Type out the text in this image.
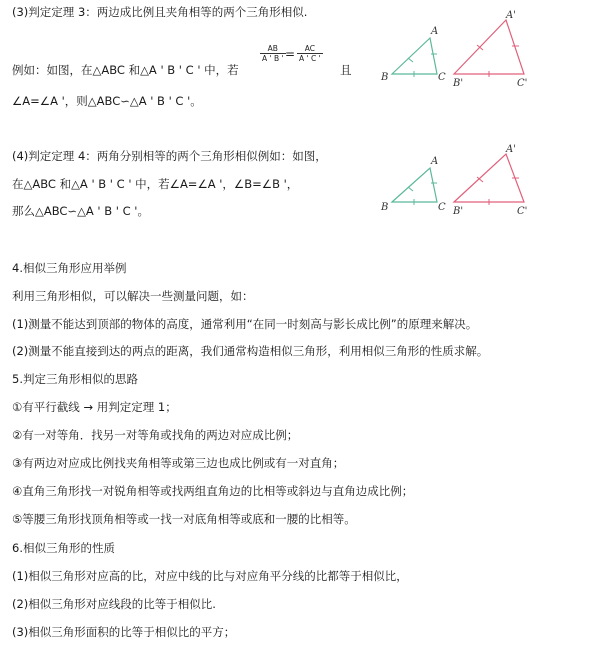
(3)判定定理 3：两边成比例且夹角相等的两个三角形相似.
例如：如图，在△ABC 和△A ' B ' C ' 中，若
$\frac{AB}{A ' B '} = \frac{AC}{A ' C '}$
且
∠A=∠A '，则△ABC∽△A ' B ' C '。
B
A
C
B'
A'
C'
(4)判定定理 4：两角分别相等的两个三角形相似例如：如图，
在△ABC 和△A ' B ' C ' 中，若∠A=∠A '，∠B=∠B '，
那么△ABC∽△A ' B ' C '。	B
A
C B'
A'
C'
4.相似三角形应用举例
利用三角形相似，可以解决一些测量问题，如：
(1)测量不能达到顶部的物体的高度，通常利用“在同一时刻高与影长成比例”的原理来解决。
(2)测量不能直接到达的两点的距离，我们通常构造相似三角形，利用相似三角形的性质求解。
5.判定三角形相似的思路
①有平行截线 → 用判定定理 1；
②有一对等角．找另一对等角或找角的两边对应成比例；
③有两边对应成比例找夹角相等或第三边也成比例或有一对直角；
④直角三角形找一对锐角相等或找两组直角边的比相等或斜边与直角边成比例；
⑤等腰三角形找顶角相等或一找一对底角相等或底和一腰的比相等。
6.相似三角形的性质
(1)相似三角形对应高的比，对应中线的比与对应角平分线的比都等于相似比，
(2)相似三角形对应线段的比等于相似比.
(3)相似三角形面积的比等于相似比的平方；
